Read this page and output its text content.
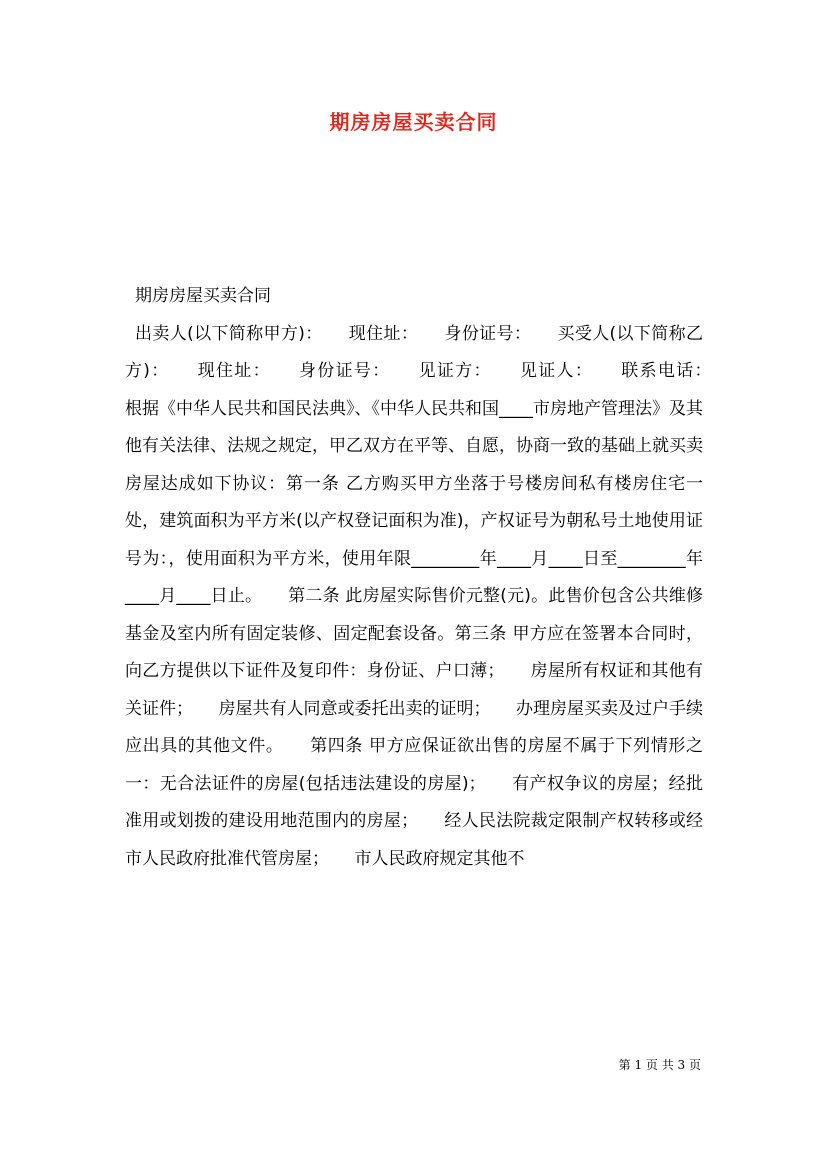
期房房屋买卖合同

期房房屋买卖合同

出卖人(以下简称甲方)：　　现住址：　　身份证号：　　买受人(以下简称乙方)：　　现住址：　　身份证号：　　见证方：　　见证人：　　联系电话：　　根据《中华人民共和国民法典》、《中华人民共和国____市房地产管理法》及其他有关法律、法规之规定，甲乙双方在平等、自愿，协商一致的基础上就买卖房屋达成如下协议：第一条 乙方购买甲方坐落于号楼房间私有楼房住宅一处，建筑面积为平方米(以产权登记面积为准)，产权证号为朝私号土地使用证号为：，使用面积为平方米，使用年限________年____月____日至________年____月____日止。　　第二条 此房屋实际售价元整(元)。此售价包含公共维修基金及室内所有固定装修、固定配套设备。第三条 甲方应在签署本合同时，向乙方提供以下证件及复印件：身份证、户口薄；　　房屋所有权证和其他有关证件；　　房屋共有人同意或委托出卖的证明；　　办理房屋买卖及过户手续应出具的其他文件。　　第四条 甲方应保证欲出售的房屋不属于下列情形之一：无合法证件的房屋(包括违法建设的房屋)；　　有产权争议的房屋；经批准用或划拨的建设用地范围内的房屋；　　经人民法院裁定限制产权转移或经市人民政府批准代管房屋；　　市人民政府规定其他不

第 1 页 共 3 页
